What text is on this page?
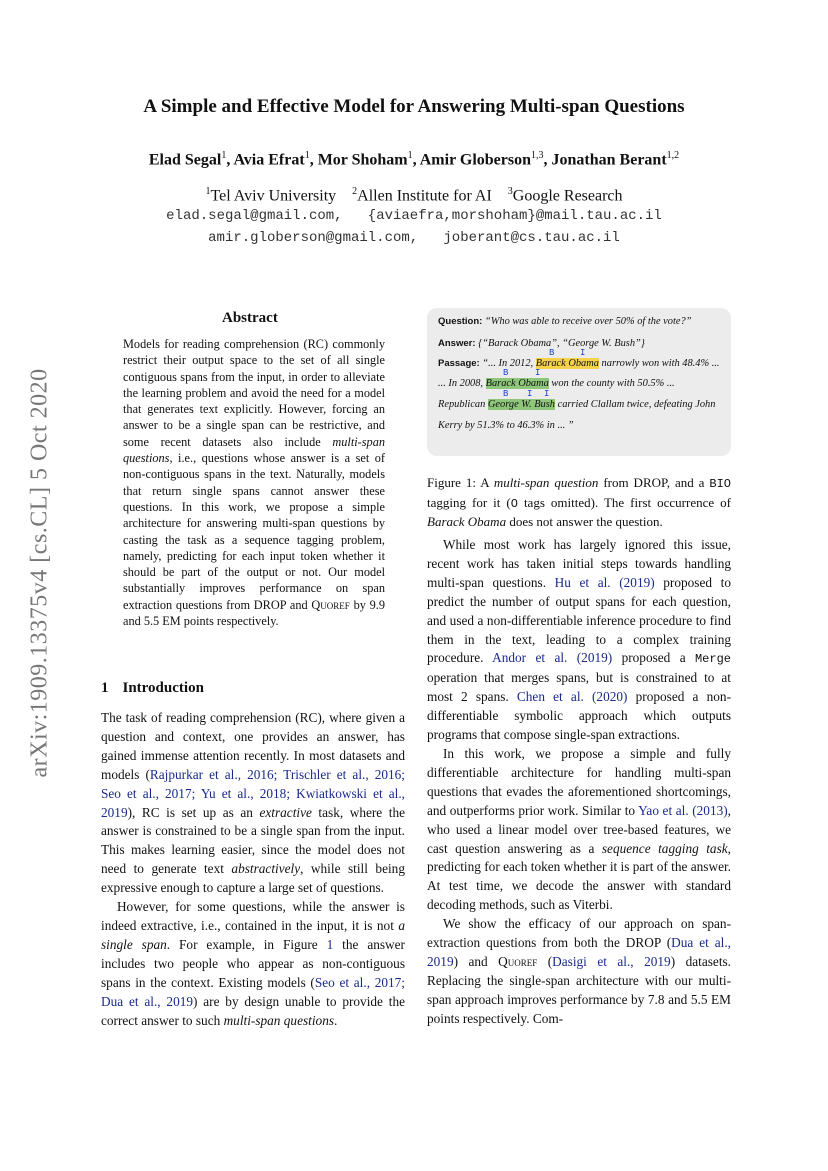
arXiv:1909.13375v4 [cs.CL] 5 Oct 2020
A Simple and Effective Model for Answering Multi-span Questions
Elad Segal$^1$, Avia Efrat$^1$, Mor Shoham$^1$, Amir Globerson$^{1,3}$, Jonathan Berant$^{1,2}$
$^1$Tel Aviv University $^2$Allen Institute for AI $^3$Google Research
elad.segal@gmail.com,   {aviaefra,morshoham}@mail.tau.ac.il
amir.globerson@gmail.com,   joberant@cs.tau.ac.il
Abstract
Models for reading comprehension (RC) commonly restrict their output space to the set of all single contiguous spans from the input, in order to alleviate the learning problem and avoid the need for a model that generates text explicitly. However, forcing an answer to be a single span can be restrictive, and some recent datasets also include multi-span questions, i.e., questions whose answer is a set of non-contiguous spans in the text. Naturally, models that return single spans cannot answer these questions. In this work, we propose a simple architecture for answering multi-span questions by casting the task as a sequence tagging problem, namely, predicting for each input token whether it should be part of the output or not. Our model substantially improves performance on span extraction questions from DROP and Quoref by 9.9 and 5.5 EM points respectively.
1 Introduction

The task of reading comprehension (RC), where given a question and context, one provides an answer, has gained immense attention recently. In most datasets and models (Rajpurkar et al., 2016; Trischler et al., 2016; Seo et al., 2017; Yu et al., 2018; Kwiatkowski et al., 2019), RC is set up as an extractive task, where the answer is constrained to be a single span from the input. This makes learning easier, since the model does not need to generate text abstractively, while still being expressive enough to capture a large set of questions.

However, for some questions, while the answer is indeed extractive, i.e., contained in the input, it is not a single span. For example, in Figure 1 the answer includes two people who appear as non-contiguous spans in the context. Existing models (Seo et al., 2017; Dua et al., 2019) are by design unable to provide the correct answer to such multi-span questions.

Question: “Who was able to receive over 50% of the vote?”
Answer: {“Barack Obama”, “George W. Bush”}
B	I
Passage: “... In 2012, Barack Obama narrowly won with 48.4% ...
B	I
... In 2008, Barack Obama won the county with 50.5% ...
B I I
Republican George W. Bush carried Clallam twice, defeating John
Kerry by 51.3% to 46.3% in ... ”
Figure 1: A multi-span question from DROP, and a BIO tagging for it (O tags omitted). The first occurrence of Barack Obama does not answer the question.

While most work has largely ignored this issue, recent work has taken initial steps towards handling multi-span questions. Hu et al. (2019) proposed to predict the number of output spans for each question, and used a non-differentiable inference procedure to find them in the text, leading to a complex training procedure. Andor et al. (2019) proposed a Merge operation that merges spans, but is constrained to at most 2 spans. Chen et al. (2020) proposed a non-differentiable symbolic approach which outputs programs that compose single-span extractions.

In this work, we propose a simple and fully differentiable architecture for handling multi-span questions that evades the aforementioned shortcomings, and outperforms prior work. Similar to Yao et al. (2013), who used a linear model over tree-based features, we cast question answering as a sequence tagging task, predicting for each token whether it is part of the answer. At test time, we decode the answer with standard decoding methods, such as Viterbi.

We show the efficacy of our approach on span-extraction questions from both the DROP (Dua et al., 2019) and Quoref (Dasigi et al., 2019) datasets. Replacing the single-span architecture with our multi-span approach improves performance by 7.8 and 5.5 EM points respectively. Com-
